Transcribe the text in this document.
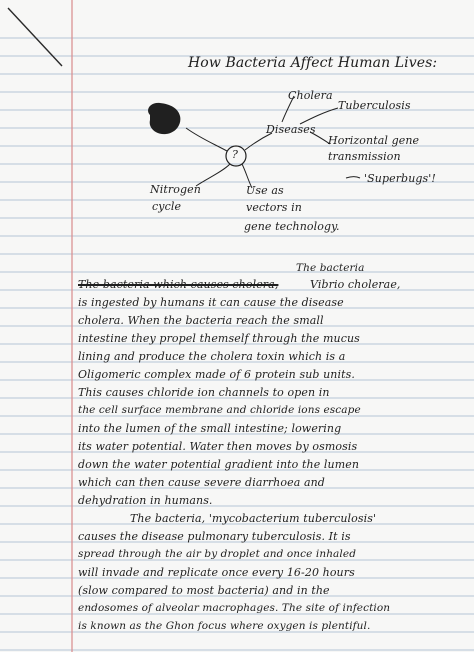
How Bacteria Affect Human Lives:
?
Diseases
Cholera
Tuberculosis
Horizontal gene
transmission
'Superbugs'!
Nitrogen
cycle
Use as
vectors in
gene technology.
The bacteria
The bacteria which causes cholera,	Vibrio cholerae,
is ingested by humans it can cause the disease
cholera. When the bacteria reach the small
intestine they propel themself through the mucus
lining and produce the cholera toxin which is a
Oligomeric complex made of 6 protein sub units.
This causes chloride ion channels to open in
the cell surface membrane and chloride ions escape
into the lumen of the small intestine; lowering
its water potential. Water then moves by osmosis
down the water potential gradient into the lumen
which can then cause severe diarrhoea and
dehydration in humans.
The bacteria, 'mycobacterium tuberculosis'
causes the disease pulmonary tuberculosis. It is
spread through the air by droplet and once inhaled
will invade and replicate once every 16-20 hours
(slow compared to most bacteria) and in the
endosomes of alveolar macrophages. The site of infection
is known as the Ghon focus where oxygen is plentiful.
